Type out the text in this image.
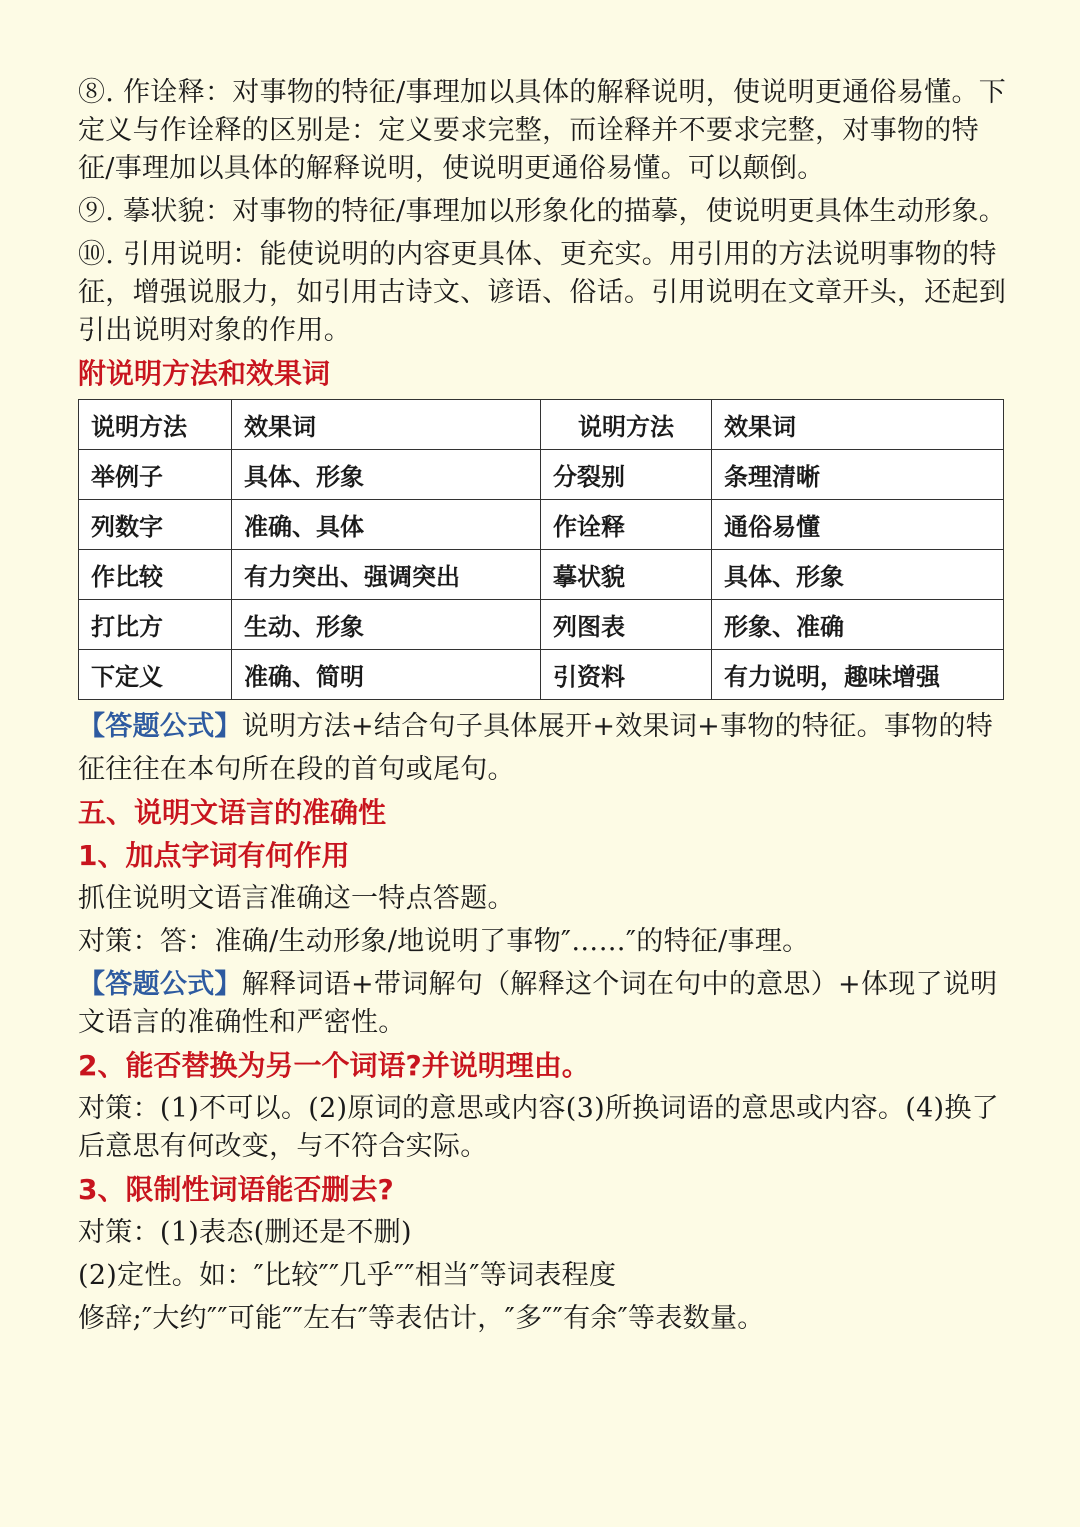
⑧. 作诠释：对事物的特征/事理加以具体的解释说明，使说明更通俗易懂。下定义与作诠释的区别是：定义要求完整，而诠释并不要求完整，对事物的特征/事理加以具体的解释说明，使说明更通俗易懂。可以颠倒。

⑨. 摹状貌：对事物的特征/事理加以形象化的描摹，使说明更具体生动形象。

⑩. 引用说明：能使说明的内容更具体、更充实。用引用的方法说明事物的特征，增强说服力，如引用古诗文、谚语、俗话。引用说明在文章开头，还起到引出说明对象的作用。

附说明方法和效果词
说明方法	效果词	说明方法	效果词
举例子	具体、形象	分裂别	条理清晰
列数字	准确、具体	作诠释	通俗易懂
作比较	有力突出、强调突出	摹状貌	具体、形象
打比方	生动、形象	列图表	形象、准确
下定义	准确、简明	引资料	有力说明，趣味增强

【答题公式】说明方法+结合句子具体展开+效果词+事物的特征。事物的特

征往往在本句所在段的首句或尾句。

五、说明文语言的准确性
1、加点字词有何作用

抓住说明文语言准确这一特点答题。

对策：答：准确/生动形象/地说明了事物″……″的特征/事理。

【答题公式】解释词语+带词解句（解释这个词在句中的意思）+体现了说明文语言的准确性和严密性。

2、能否替换为另一个词语?并说明理由。

对策：(1)不可以。(2)原词的意思或内容(3)所换词语的意思或内容。(4)换了后意思有何改变，与不符合实际。

3、限制性词语能否删去?

对策：(1)表态(删还是不删)

(2)定性。如：″比较″″几乎″″相当″等词表程度

修辞;″大约″″可能″″左右″等表估计，″多″″有余″等表数量。
